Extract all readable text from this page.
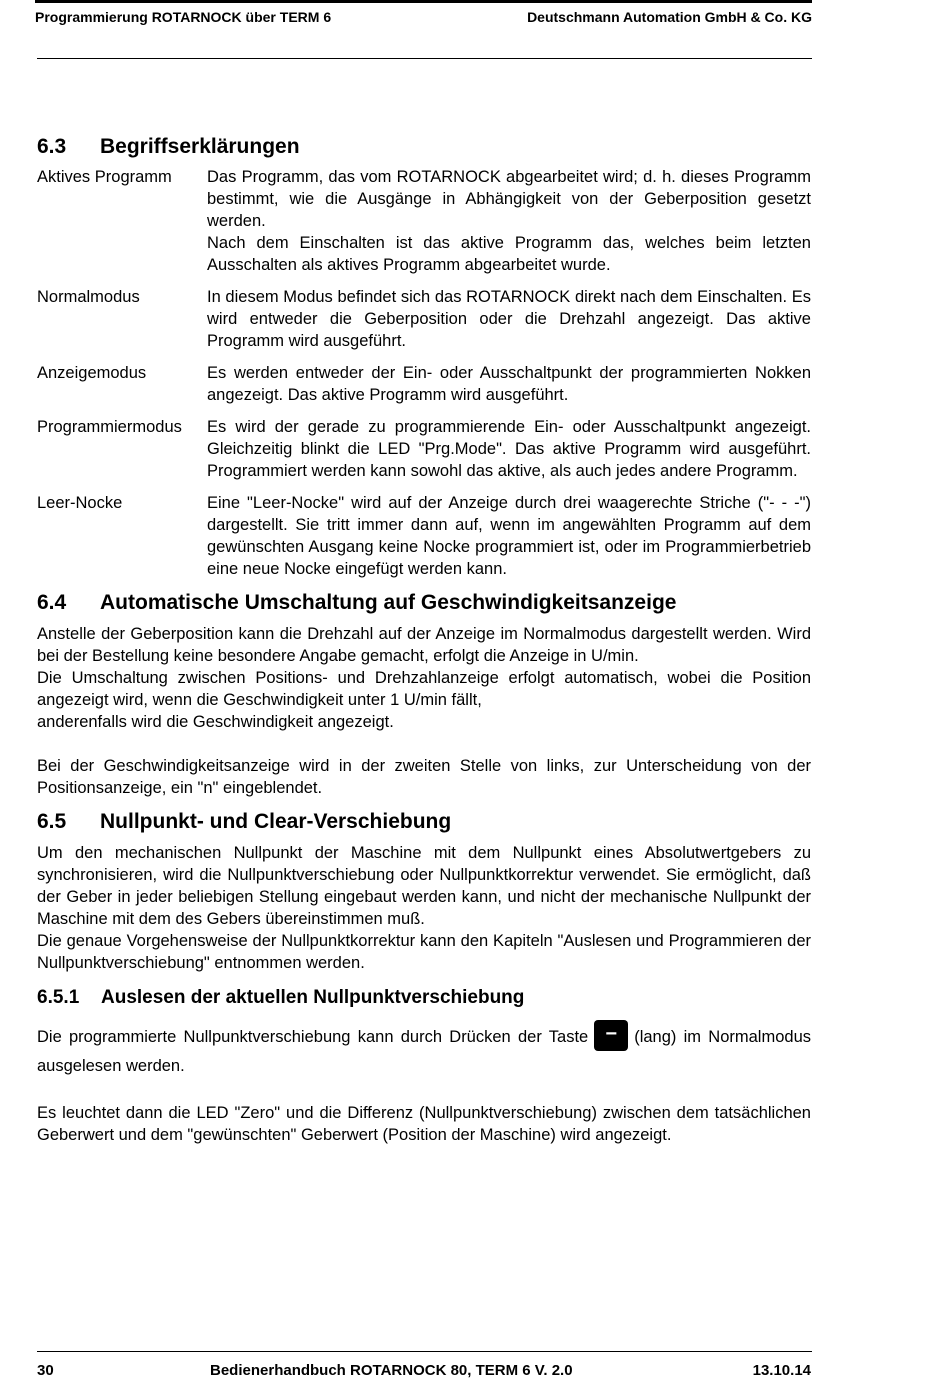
Programmierung ROTARNOCK über TERM 6	Deutschmann Automation GmbH & Co. KG
6.3	Begriffserklärungen
Aktives Programm	Das Programm, das vom ROTARNOCK abgearbeitet wird; d. h. dieses Programm bestimmt, wie die Ausgänge in Abhängigkeit von der Geberposition gesetzt werden.
Nach dem Einschalten ist das aktive Programm das, welches beim letzten Ausschalten als aktives Programm abgearbeitet wurde.
Normalmodus	In diesem Modus befindet sich das ROTARNOCK direkt nach dem Einschalten. Es wird entweder die Geberposition oder die Drehzahl angezeigt. Das aktive Programm wird ausgeführt.
Anzeigemodus	Es werden entweder der Ein- oder Ausschaltpunkt der programmierten Nokken angezeigt. Das aktive Programm wird ausgeführt.
Programmiermodus	Es wird der gerade zu programmierende Ein- oder Ausschaltpunkt angezeigt. Gleichzeitig blinkt die LED "Prg.Mode". Das aktive Programm wird ausgeführt. Programmiert werden kann sowohl das aktive, als auch jedes andere Programm.
Leer-Nocke	Eine "Leer-Nocke" wird auf der Anzeige durch drei waagerechte Striche ("- - -") dargestellt. Sie tritt immer dann auf, wenn im angewählten Programm auf dem gewünschten Ausgang keine Nocke programmiert ist, oder im Programmierbetrieb eine neue Nocke eingefügt werden kann.
6.4	Automatische Umschaltung auf Geschwindigkeitsanzeige

Anstelle der Geberposition kann die Drehzahl auf der Anzeige im Normalmodus dargestellt werden. Wird bei der Bestellung keine besondere Angabe gemacht, erfolgt die Anzeige in U/min.

Die Umschaltung zwischen Positions- und Drehzahlanzeige erfolgt automatisch, wobei die Position angezeigt wird, wenn die Geschwindigkeit unter 1 U/min fällt,

anderenfalls wird die Geschwindigkeit angezeigt.

Bei der Geschwindigkeitsanzeige wird in der zweiten Stelle von links, zur Unterscheidung von der Positionsanzeige, ein "n" eingeblendet.

6.5	Nullpunkt- und Clear-Verschiebung

Um den mechanischen Nullpunkt der Maschine mit dem Nullpunkt eines Absolutwertgebers zu synchronisieren, wird die Nullpunktverschiebung oder Nullpunktkorrektur verwendet. Sie ermöglicht, daß der Geber in jeder beliebigen Stellung eingebaut werden kann, und nicht der mechanische Nullpunkt der Maschine mit dem des Gebers übereinstimmen muß.

Die genaue Vorgehensweise der Nullpunktkorrektur kann den Kapiteln "Auslesen und Programmieren der Nullpunktverschiebung" entnommen werden.

6.5.1	Auslesen der aktuellen Nullpunktverschiebung

Die programmierte Nullpunktverschiebung kann durch Drücken der Taste − (lang) im Normalmodus ausgelesen werden.

Es leuchtet dann die LED "Zero" und die Differenz (Nullpunktverschiebung) zwischen dem tatsächlichen Geberwert und dem "gewünschten" Geberwert (Position der Maschine) wird angezeigt.

30	Bedienerhandbuch ROTARNOCK 80, TERM 6 V. 2.0	13.10.14
